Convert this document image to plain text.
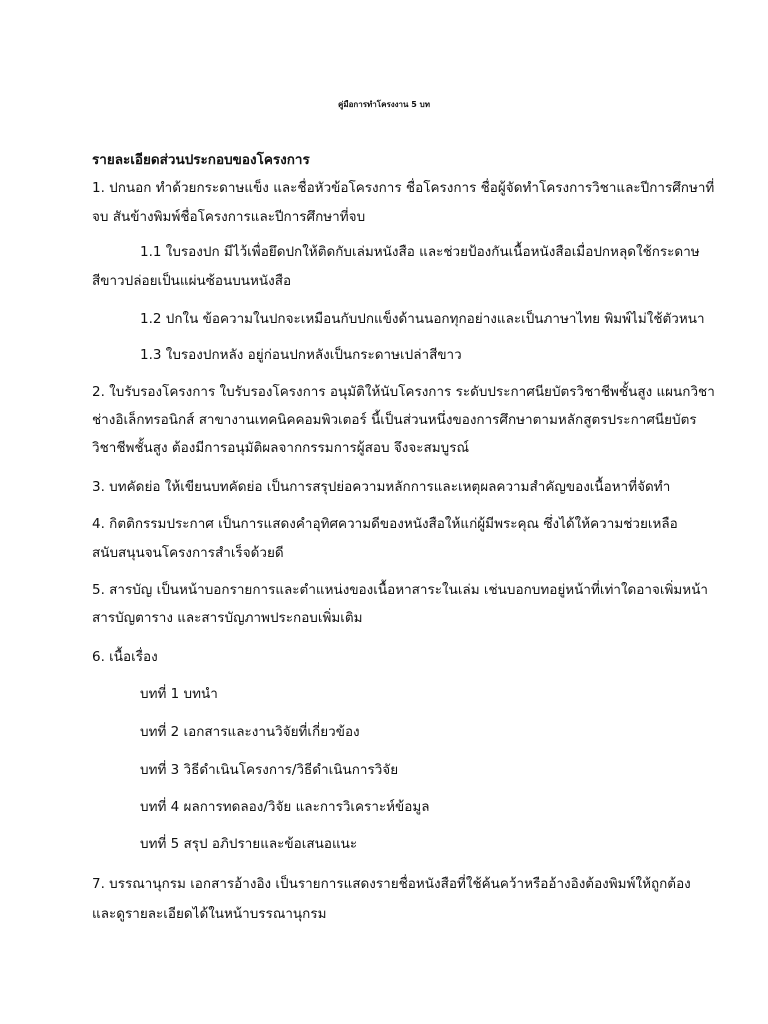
คู่มือการทำโครงงาน 5 บท
รายละเอียดส่วนประกอบของโครงการ
1. ปกนอก ทำด้วยกระดาษแข็ง และชื่อหัวข้อโครงการ ชื่อโครงการ ชื่อผู้จัดทำโครงการวิชาและปีการศึกษาที่
จบ สันข้างพิมพ์ชื่อโครงการและปีการศึกษาที่จบ
1.1 ใบรองปก มีไว้เพื่อยึดปกให้ติดกับเล่มหนังสือ และช่วยป้องกันเนื้อหนังสือเมื่อปกหลุดใช้กระดาษ
สีขาวปล่อยเป็นแผ่นซ้อนบนหนังสือ
1.2 ปกใน ข้อความในปกจะเหมือนกับปกแข็งด้านนอกทุกอย่างและเป็นภาษาไทย พิมพ์ไม่ใช้ตัวหนา
1.3 ใบรองปกหลัง อยู่ก่อนปกหลังเป็นกระดาษเปล่าสีขาว
2. ใบรับรองโครงการ ใบรับรองโครงการ อนุมัติให้นับโครงการ ระดับประกาศนียบัตรวิชาชีพชั้นสูง แผนกวิชา
ช่างอิเล็กทรอนิกส์ สาขางานเทคนิคคอมพิวเตอร์ นี้เป็นส่วนหนึ่งของการศึกษาตามหลักสูตรประกาศนียบัตร
วิชาชีพชั้นสูง ต้องมีการอนุมัติผลจากกรรมการผู้สอบ จึงจะสมบูรณ์
3. บทคัดย่อ ให้เขียนบทคัดย่อ เป็นการสรุปย่อความหลักการและเหตุผลความสำคัญของเนื้อหาที่จัดทำ
4. กิตติกรรมประกาศ เป็นการแสดงคำอุทิศความดีของหนังสือให้แก่ผู้มีพระคุณ ซึ่งได้ให้ความช่วยเหลือ
สนับสนุนจนโครงการสำเร็จด้วยดี
5. สารบัญ เป็นหน้าบอกรายการและตำแหน่งของเนื้อหาสาระในเล่ม เช่นบอกบทอยู่หน้าที่เท่าใดอาจเพิ่มหน้า
สารบัญตาราง และสารบัญภาพประกอบเพิ่มเติม
6. เนื้อเรื่อง
บทที่ 1 บทนำ
บทที่ 2 เอกสารและงานวิจัยที่เกี่ยวข้อง
บทที่ 3 วิธีดำเนินโครงการ/วิธีดำเนินการวิจัย
บทที่ 4 ผลการทดลอง/วิจัย และการวิเคราะห์ข้อมูล
บทที่ 5 สรุป อภิปรายและข้อเสนอแนะ
7. บรรณานุกรม เอกสารอ้างอิง เป็นรายการแสดงรายชื่อหนังสือที่ใช้ค้นคว้าหรืออ้างอิงต้องพิมพ์ให้ถูกต้อง
และดูรายละเอียดได้ในหน้าบรรณานุกรม
